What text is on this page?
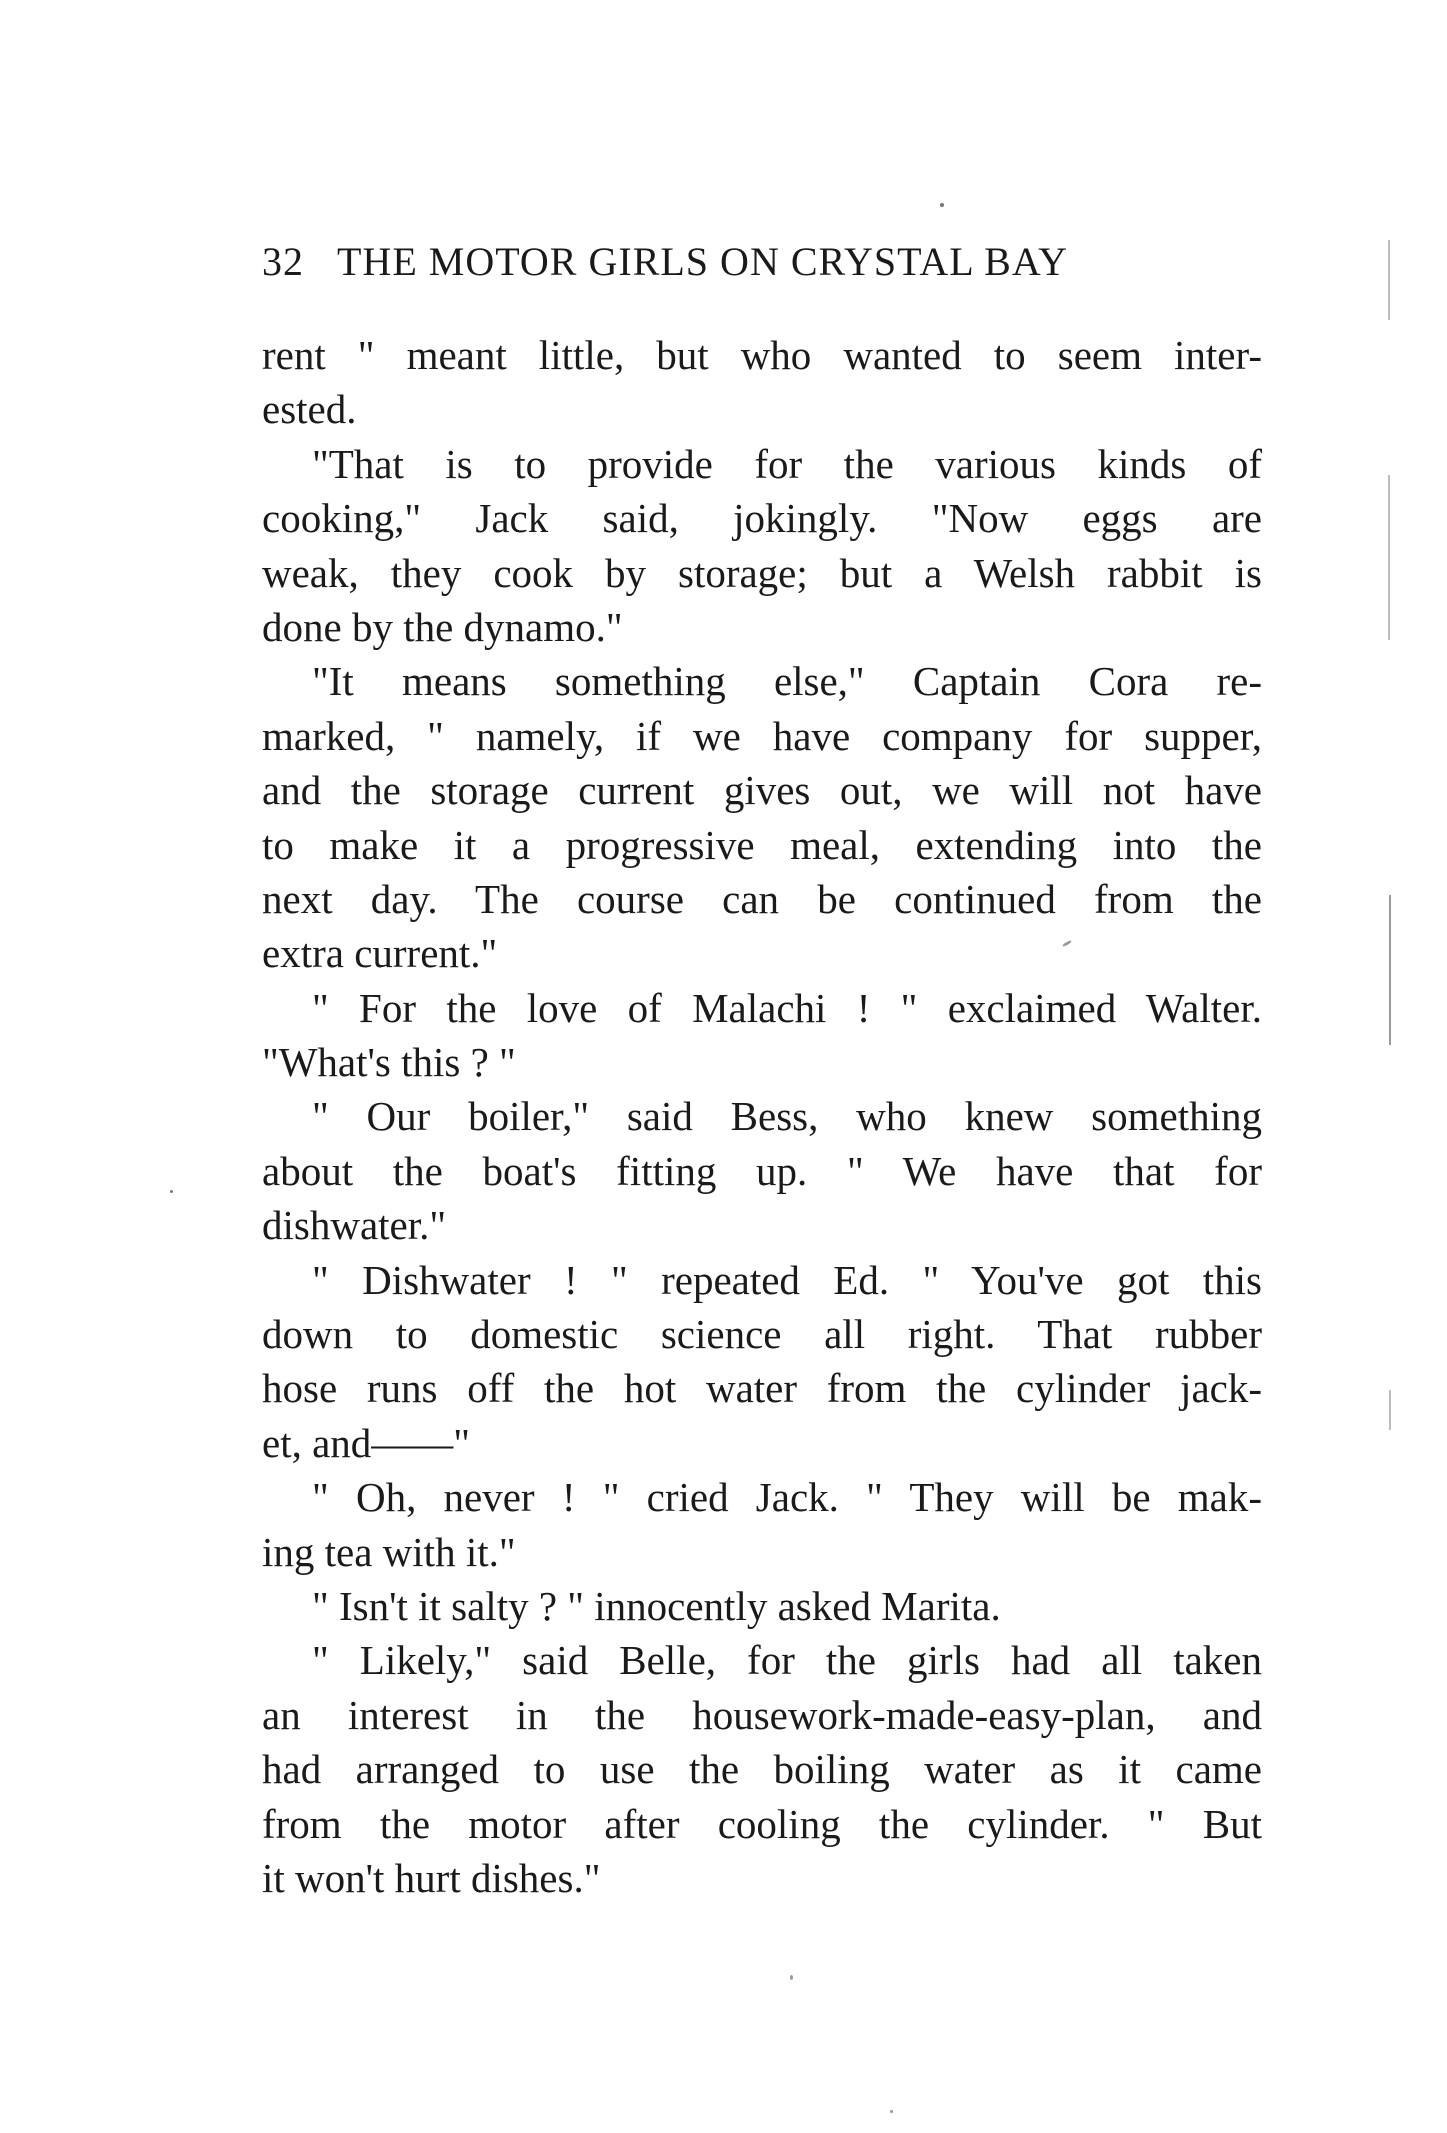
32 THE MOTOR GIRLS ON CRYSTAL BAY
rent " meant little, but who wanted to seem inter-
ested.
"That is to provide for the various kinds of
cooking," Jack said, jokingly. "Now eggs are
weak, they cook by storage; but a Welsh rabbit is
done by the dynamo."
"It means something else," Captain Cora re-
marked, " namely, if we have company for supper,
and the storage current gives out, we will not have
to make it a progressive meal, extending into the
next day. The course can be continued from the
extra current."
" For the love of Malachi ! " exclaimed Walter.
"What's this ? "
" Our boiler," said Bess, who knew something
about the boat's fitting up. " We have that for
dishwater."
" Dishwater ! " repeated Ed. " You've got this
down to domestic science all right. That rubber
hose runs off the hot water from the cylinder jack-
et, and——"
" Oh, never ! " cried Jack. " They will be mak-
ing tea with it."
" Isn't it salty ? " innocently asked Marita.
" Likely," said Belle, for the girls had all taken
an interest in the housework-made-easy-plan, and
had arranged to use the boiling water as it came
from the motor after cooling the cylinder. " But
it won't hurt dishes."
